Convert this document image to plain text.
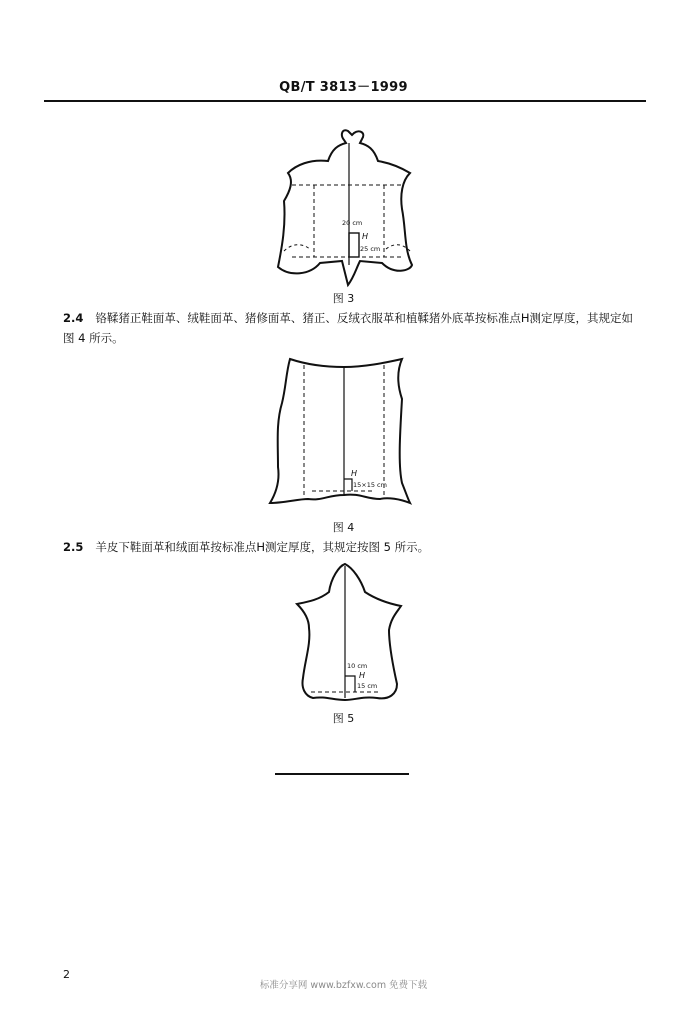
QB/T 3813－1999
20 cm
H
25 cm
图 3
2.4 铬鞣猪正鞋面革、绒鞋面革、猪修面革、猪正、反绒衣服革和植鞣猪外底革按标准点H测定厚度，其规定如图 4 所示。
H
15×15 cm
图 4
2.5 羊皮下鞋面革和绒面革按标准点H测定厚度，其规定按图 5 所示。
10 cm
H
15 cm
图 5
2
标准分享网 www.bzfxw.com 免费下载
